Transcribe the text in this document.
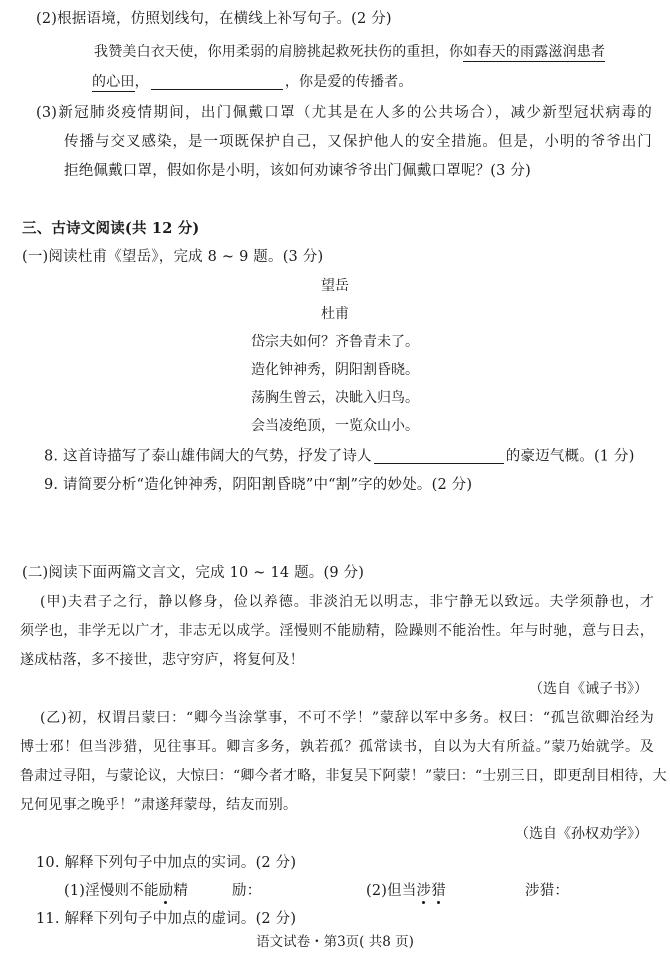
(2)根据语境，仿照划线句，在横线上补写句子。(2 分)
我赞美白衣天使，你用柔弱的肩膀挑起救死扶伤的重担，你如春天的雨露滋润患者
的心田，	，你是爱的传播者。
(3)新冠肺炎疫情期间，出门佩戴口罩（尤其是在人多的公共场合），减少新型冠状病毒的
传播与交叉感染，是一项既保护自己，又保护他人的安全措施。但是，小明的爷爷出门
拒绝佩戴口罩，假如你是小明，该如何劝谏爷爷出门佩戴口罩呢？(3 分)
三、古诗文阅读(共 12 分)
(一)阅读杜甫《望岳》，完成 8 ~ 9 题。(3 分)
望岳
杜甫
岱宗夫如何？齐鲁青未了。
造化钟神秀，阴阳割昏晓。
荡胸生曾云，决眦入归鸟。
会当凌绝顶，一览众山小。
8. 这首诗描写了泰山雄伟阔大的气势，抒发了诗人	的豪迈气概。(1 分)
9. 请简要分析“造化钟神秀，阴阳割昏晓”中“割”字的妙处。(2 分)
(二)阅读下面两篇文言文，完成 10 ~ 14 题。(9 分)
(甲)夫君子之行，静以修身，俭以养德。非淡泊无以明志，非宁静无以致远。夫学须静也，才
须学也，非学无以广才，非志无以成学。淫慢则不能励精，险躁则不能治性。年与时驰，意与日去，
遂成枯落，多不接世，悲守穷庐，将复何及！
（选自《诫子书》）
(乙)初，权谓吕蒙曰：“卿今当涂掌事，不可不学！”蒙辞以军中多务。权曰：“孤岂欲卿治经为
博士邪！但当涉猎，见往事耳。卿言多务，孰若孤？孤常读书，自以为大有所益。”蒙乃始就学。及
鲁肃过寻阳，与蒙论议，大惊曰：“卿今者才略，非复吴下阿蒙！”蒙曰：“士别三日，即更刮目相待，大
兄何见事之晚乎！”肃遂拜蒙母，结友而别。
（选自《孙权劝学》）
10. 解释下列句子中加点的实词。(2 分)
(1)淫慢则不能励精	励：	(2)但当涉猎	涉猎：
11. 解释下列句子中加点的虚词。(2 分)
语文试卷・第3页( 共8 页)
